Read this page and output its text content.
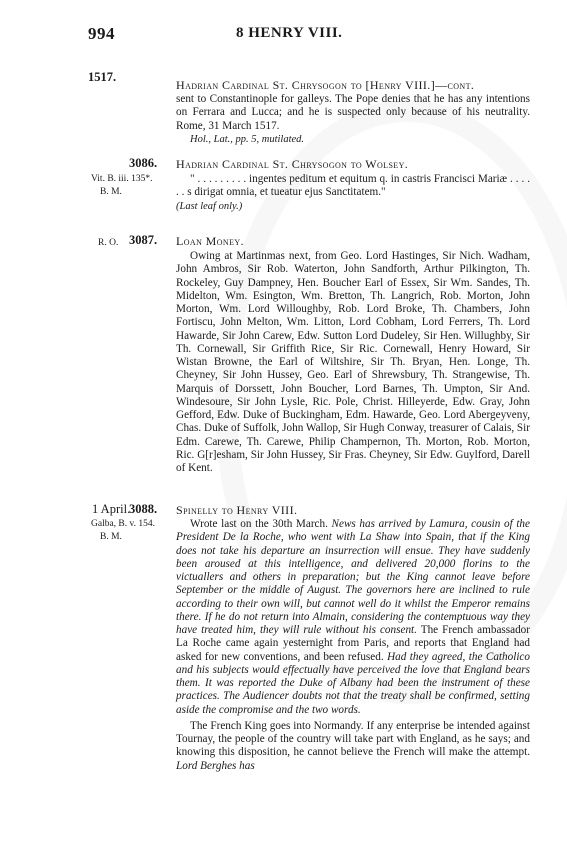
994	8 HENRY VIII.
1517.
Hadrian Cardinal St. Chrysogon to [Henry VIII.]—cont.

sent to Constantinople for galleys. The Pope denies that he has any intentions on Ferrara and Lucca; and he is suspected only because of his neutrality. Rome, 31 March 1517.

Hol., Lat., pp. 5, mutilated.

3086.
Vit. B. iii. 135*.
B. M.
Hadrian Cardinal St. Chrysogon to Wolsey.

" . . . . . . . . . ingentes peditum et equitum q. in castris Francisci Mariæ . . . . . . s dirigat omnia, et tueatur ejus Sanctitatem."

(Last leaf only.)

3087.
R. O.	Loan Money.

Owing at Martinmas next, from Geo. Lord Hastinges, Sir Nich. Wadham, John Ambros, Sir Rob. Waterton, John Sandforth, Arthur Pilkington, Th. Rockeley, Guy Dampney, Hen. Boucher Earl of Essex, Sir Wm. Sandes, Th. Midelton, Wm. Esington, Wm. Bretton, Th. Langrich, Rob. Morton, John Morton, Wm. Lord Willoughby, Rob. Lord Broke, Th. Chambers, John Fortiscu, John Melton, Wm. Litton, Lord Cobham, Lord Ferrers, Th. Lord Hawarde, Sir John Carew, Edw. Sutton Lord Dudeley, Sir Hen. Willughby, Sir Th. Cornewall, Sir Griffith Rice, Sir Ric. Cornewall, Henry Howard, Sir Wistan Browne, the Earl of Wiltshire, Sir Th. Bryan, Hen. Longe, Th. Cheyney, Sir John Hussey, Geo. Earl of Shrewsbury, Th. Strangewise, Th. Marquis of Dorssett, John Boucher, Lord Barnes, Th. Umpton, Sir And. Windesoure, Sir John Lysle, Ric. Pole, Christ. Hilleyerde, Edw. Gray, John Gefford, Edw. Duke of Buckingham, Edm. Hawarde, Geo. Lord Abergeyveny, Chas. Duke of Suffolk, John Wallop, Sir Hugh Conway, treasurer of Calais, Sir Edm. Carewe, Th. Carewe, Philip Champernon, Th. Morton, Rob. Morton, Ric. G[r]esham, Sir John Hussey, Sir Fras. Cheyney, Sir Edw. Guylford, Darell of Kent.

1 April.
3088.
Galba, B. v. 154.
B. M.
Spinelly to Henry VIII.

Wrote last on the 30th March. News has arrived by Lamura, cousin of the President De la Roche, who went with La Shaw into Spain, that if the King does not take his departure an insurrection will ensue. They have suddenly been aroused at this intelligence, and delivered 20,000 florins to the victuallers and others in preparation; but the King cannot leave before September or the middle of August. The governors here are inclined to rule according to their own will, but cannot well do it whilst the Emperor remains there. If he do not return into Almain, considering the contemptuous way they have treated him, they will rule without his consent. The French ambassador La Roche came again yesternight from Paris, and reports that England had asked for new conventions, and been refused. Had they agreed, the Catholico and his subjects would effectually have perceived the love that England bears them. It was reported the Duke of Albany had been the instrument of these practices. The Audiencer doubts not that the treaty shall be confirmed, setting aside the compromise and the two words.

The French King goes into Normandy. If any enterprise be intended against Tournay, the people of the country will take part with England, as he says; and knowing this disposition, he cannot believe the French will make the attempt. Lord Berghes has
